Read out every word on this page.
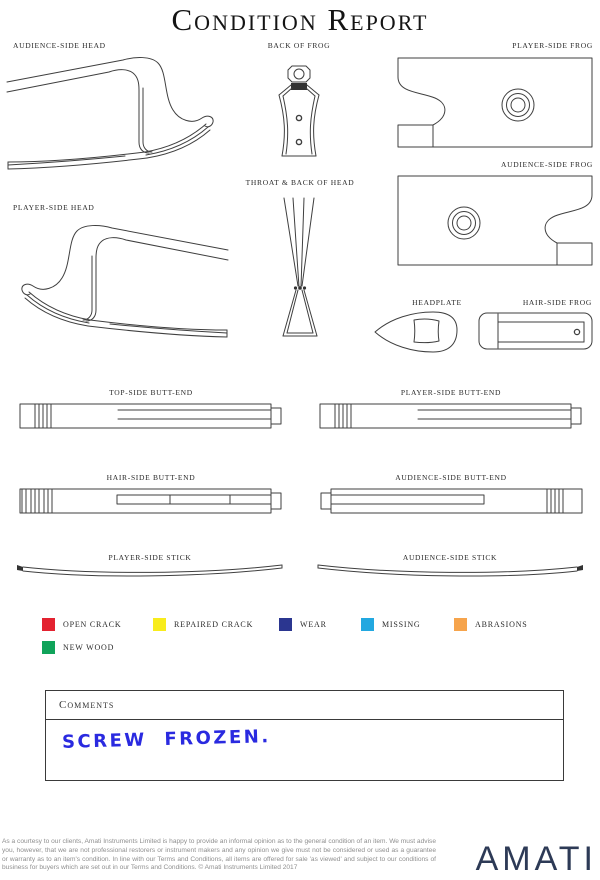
Condition Report
AUDIENCE-SIDE HEAD	BACK OF FROG	PLAYER-SIDE FROG
AUDIENCE-SIDE FROG
PLAYER-SIDE HEAD
THROAT & BACK OF HEAD
HEADPLATE	HAIR-SIDE FROG
TOP-SIDE BUTT-END	PLAYER-SIDE BUTT-END
HAIR-SIDE BUTT-END	AUDIENCE-SIDE BUTT-END
PLAYER-SIDE STICK	AUDIENCE-SIDE STICK
OPEN CRACK	REPAIRED CRACK	WEAR	MISSING	ABRASIONS
NEW WOOD
Comments
SCREW FROZEN.
As a courtesy to our clients, Amati Instruments Limited is happy to provide an informal opinion as to the general condition of an item. We must advise you, however, that we are not professional restorers or instrument makers and any opinion we give must not be considered or used as a guarantee or warranty as to an item's condition. In line with our Terms and Conditions, all items are offered for sale 'as viewed' and subject to our conditions of business for buyers which are set out in our Terms and Conditions. © Amati Instruments Limited 2017	AMATI
